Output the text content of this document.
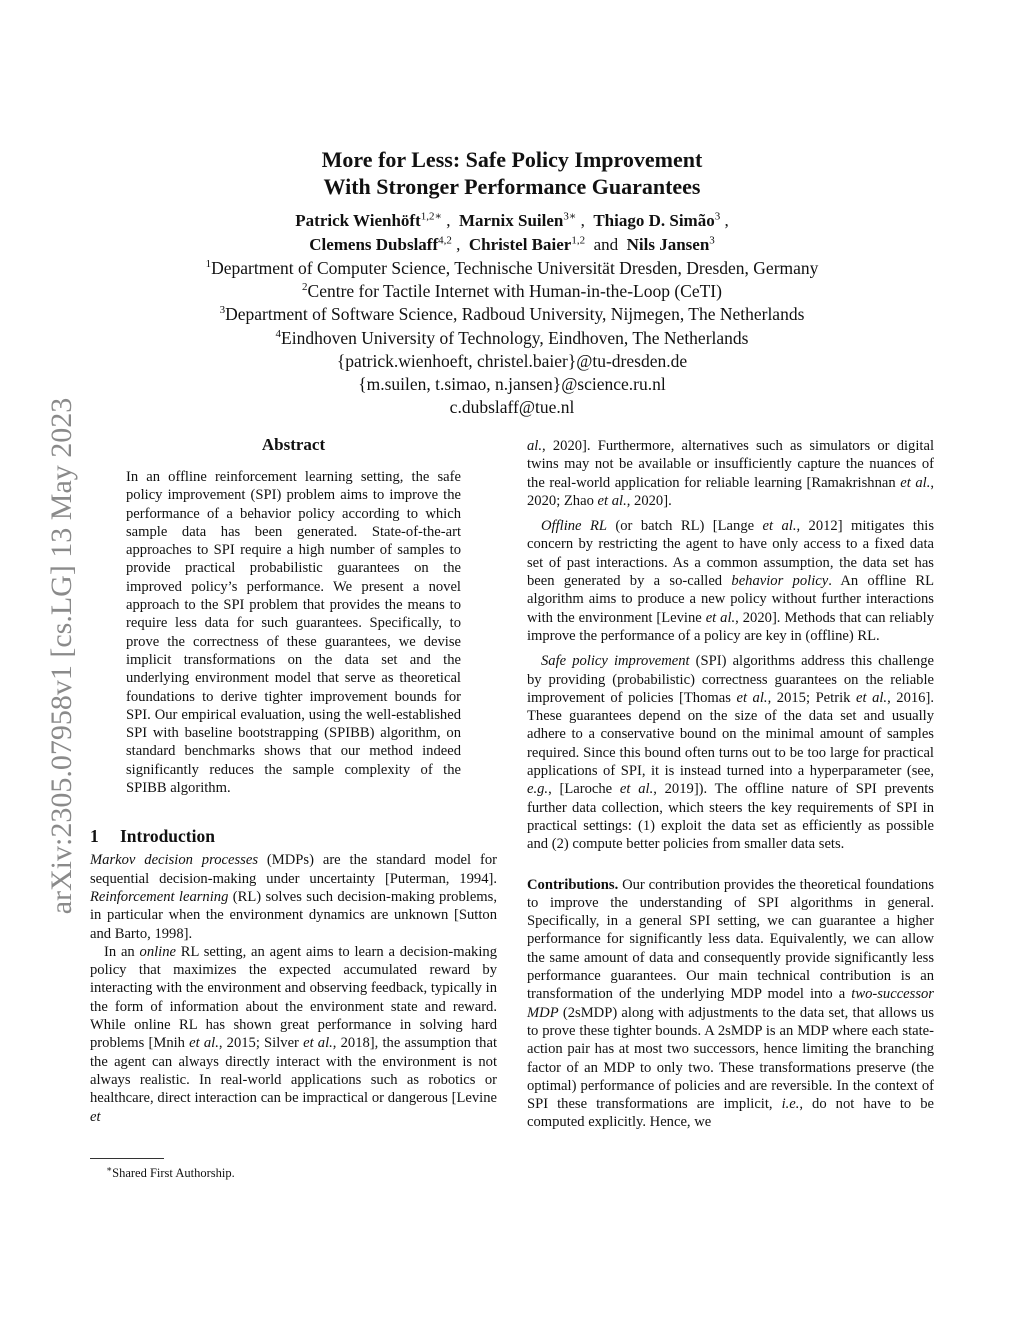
arXiv:2305.07958v1 [cs.LG] 13 May 2023
More for Less: Safe Policy Improvement
With Stronger Performance Guarantees
Patrick Wienhöft$^{1,2∗}$ ,  Marnix Suilen$^{3∗}$ ,  Thiago D. Simão$^3$ ,
Clemens Dubslaff$^{4,2}$ ,  Christel Baier$^{1,2}$ and Nils Jansen$^3$
$^1$Department of Computer Science, Technische Universität Dresden, Dresden, Germany
$^2$Centre for Tactile Internet with Human-in-the-Loop (CeTI)
$^3$Department of Software Science, Radboud University, Nijmegen, The Netherlands
$^4$Eindhoven University of Technology, Eindhoven, The Netherlands
{patrick.wienhoeft, christel.baier}@tu-dresden.de
{m.suilen, t.simao, n.jansen}@science.ru.nl
c.dubslaff@tue.nl

Abstract

In an offline reinforcement learning setting, the safe policy improvement (SPI) problem aims to improve the performance of a behavior policy according to which sample data has been generated. State-of-the-art approaches to SPI require a high number of samples to provide practical probabilistic guarantees on the improved policy’s performance. We present a novel approach to the SPI problem that provides the means to require less data for such guarantees. Specifically, to prove the correctness of these guarantees, we devise implicit transformations on the data set and the underlying environment model that serve as theoretical foundations to derive tighter improvement bounds for SPI. Our empirical evaluation, using the well-established SPI with baseline bootstrapping (SPIBB) algorithm, on standard benchmarks shows that our method indeed significantly reduces the sample complexity of the SPIBB algorithm.

1 Introduction

Markov decision processes (MDPs) are the standard model for sequential decision-making under uncertainty [Puterman, 1994]. Reinforcement learning (RL) solves such decision-making problems, in particular when the environment dynamics are unknown [Sutton and Barto, 1998].

In an online RL setting, an agent aims to learn a decision-making policy that maximizes the expected accumulated reward by interacting with the environment and observing feedback, typically in the form of information about the environment state and reward. While online RL has shown great performance in solving hard problems [Mnih et al., 2015; Silver et al., 2018], the assumption that the agent can always directly interact with the environment is not always realistic. In real-world applications such as robotics or healthcare, direct interaction can be impractical or dangerous [Levine et

al., 2020]. Furthermore, alternatives such as simulators or digital twins may not be available or insufficiently capture the nuances of the real-world application for reliable learning [Ramakrishnan et al., 2020; Zhao et al., 2020].

Offline RL (or batch RL) [Lange et al., 2012] mitigates this concern by restricting the agent to have only access to a fixed data set of past interactions. As a common assumption, the data set has been generated by a so-called behavior policy. An offline RL algorithm aims to produce a new policy without further interactions with the environment [Levine et al., 2020]. Methods that can reliably improve the performance of a policy are key in (offline) RL.

Safe policy improvement (SPI) algorithms address this challenge by providing (probabilistic) correctness guarantees on the reliable improvement of policies [Thomas et al., 2015; Petrik et al., 2016]. These guarantees depend on the size of the data set and usually adhere to a conservative bound on the minimal amount of samples required. Since this bound often turns out to be too large for practical applications of SPI, it is instead turned into a hyperparameter (see, e.g., [Laroche et al., 2019]). The offline nature of SPI prevents further data collection, which steers the key requirements of SPI in practical settings: (1) exploit the data set as efficiently as possible and (2) compute better policies from smaller data sets.

Contributions. Our contribution provides the theoretical foundations to improve the understanding of SPI algorithms in general. Specifically, in a general SPI setting, we can guarantee a higher performance for significantly less data. Equivalently, we can allow the same amount of data and consequently provide significantly less performance guarantees. Our main technical contribution is an transformation of the underlying MDP model into a two-successor MDP (2sMDP) along with adjustments to the data set, that allows us to prove these tighter bounds. A 2sMDP is an MDP where each state-action pair has at most two successors, hence limiting the branching factor of an MDP to only two. These transformations preserve (the optimal) performance of policies and are reversible. In the context of SPI these transformations are implicit, i.e., do not have to be computed explicitly. Hence, we

∗Shared First Authorship.
